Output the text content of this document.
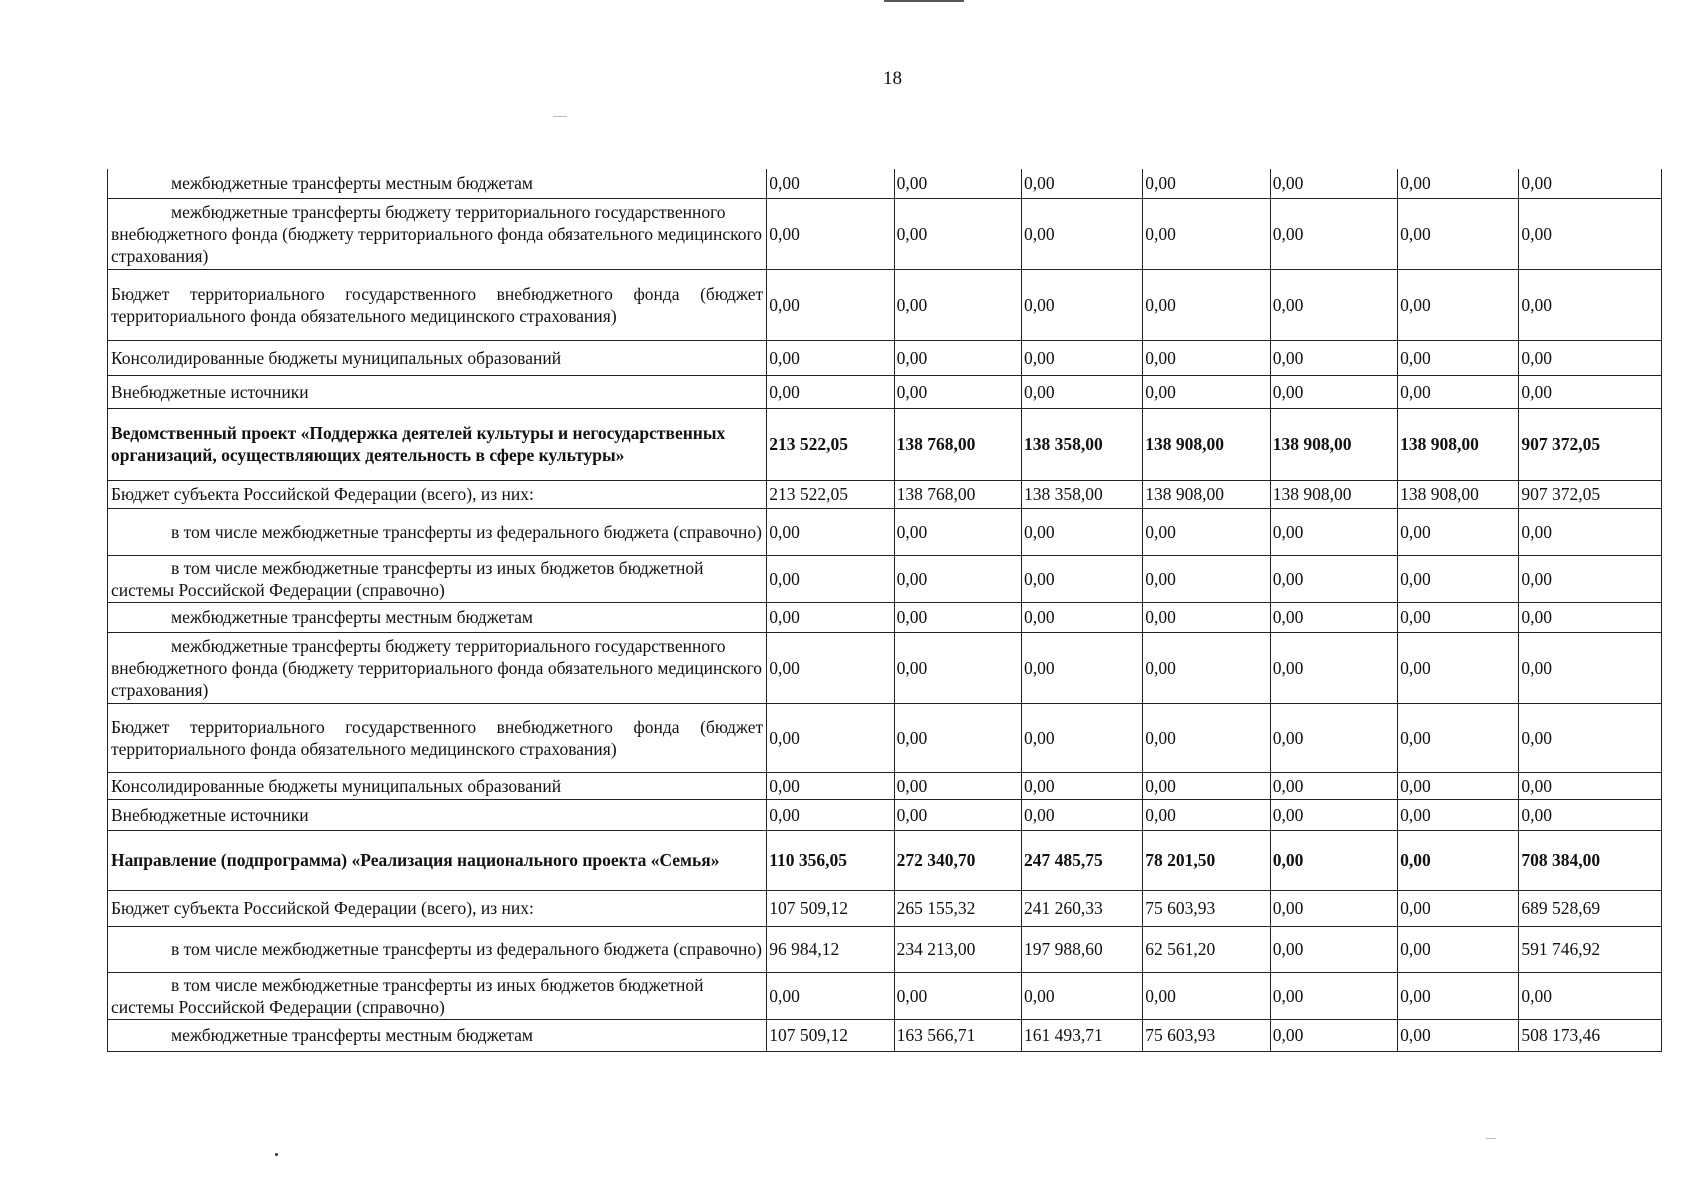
18
межбюджетные трансферты местным бюджетам	0,00	0,00	0,00	0,00	0,00	0,00	0,00
межбюджетные трансферты бюджету территориального государственного внебюджетного фонда (бюджету территориального фонда обязательного медицинского страхования)	0,00	0,00	0,00	0,00	0,00	0,00	0,00
Бюджет территориального государственного внебюджетного фонда (бюджет территориального фонда обязательного медицинского страхования)	0,00	0,00	0,00	0,00	0,00	0,00	0,00
Консолидированные бюджеты муниципальных образований	0,00	0,00	0,00	0,00	0,00	0,00	0,00
Внебюджетные источники	0,00	0,00	0,00	0,00	0,00	0,00	0,00
Ведомственный проект «Поддержка деятелей культуры и негосударственных организаций, осуществляющих деятельность в сфере культуры»	213 522,05	138 768,00	138 358,00	138 908,00	138 908,00	138 908,00	907 372,05
Бюджет субъекта Российской Федерации (всего), из них:	213 522,05	138 768,00	138 358,00	138 908,00	138 908,00	138 908,00	907 372,05
в том числе межбюджетные трансферты из федерального бюджета (справочно)	0,00	0,00	0,00	0,00	0,00	0,00	0,00
в том числе межбюджетные трансферты из иных бюджетов бюджетной системы Российской Федерации (справочно)	0,00	0,00	0,00	0,00	0,00	0,00	0,00
межбюджетные трансферты местным бюджетам	0,00	0,00	0,00	0,00	0,00	0,00	0,00
межбюджетные трансферты бюджету территориального государственного внебюджетного фонда (бюджету территориального фонда обязательного медицинского страхования)	0,00	0,00	0,00	0,00	0,00	0,00	0,00
Бюджет территориального государственного внебюджетного фонда (бюджет территориального фонда обязательного медицинского страхования)	0,00	0,00	0,00	0,00	0,00	0,00	0,00
Консолидированные бюджеты муниципальных образований	0,00	0,00	0,00	0,00	0,00	0,00	0,00
Внебюджетные источники	0,00	0,00	0,00	0,00	0,00	0,00	0,00
Направление (подпрограмма) «Реализация национального проекта «Семья»	110 356,05	272 340,70	247 485,75	78 201,50	0,00	0,00	708 384,00
Бюджет субъекта Российской Федерации (всего), из них:	107 509,12	265 155,32	241 260,33	75 603,93	0,00	0,00	689 528,69
в том числе межбюджетные трансферты из федерального бюджета (справочно)	96 984,12	234 213,00	197 988,60	62 561,20	0,00	0,00	591 746,92
в том числе межбюджетные трансферты из иных бюджетов бюджетной системы Российской Федерации (справочно)	0,00	0,00	0,00	0,00	0,00	0,00	0,00
межбюджетные трансферты местным бюджетам	107 509,12	163 566,71	161 493,71	75 603,93	0,00	0,00	508 173,46
